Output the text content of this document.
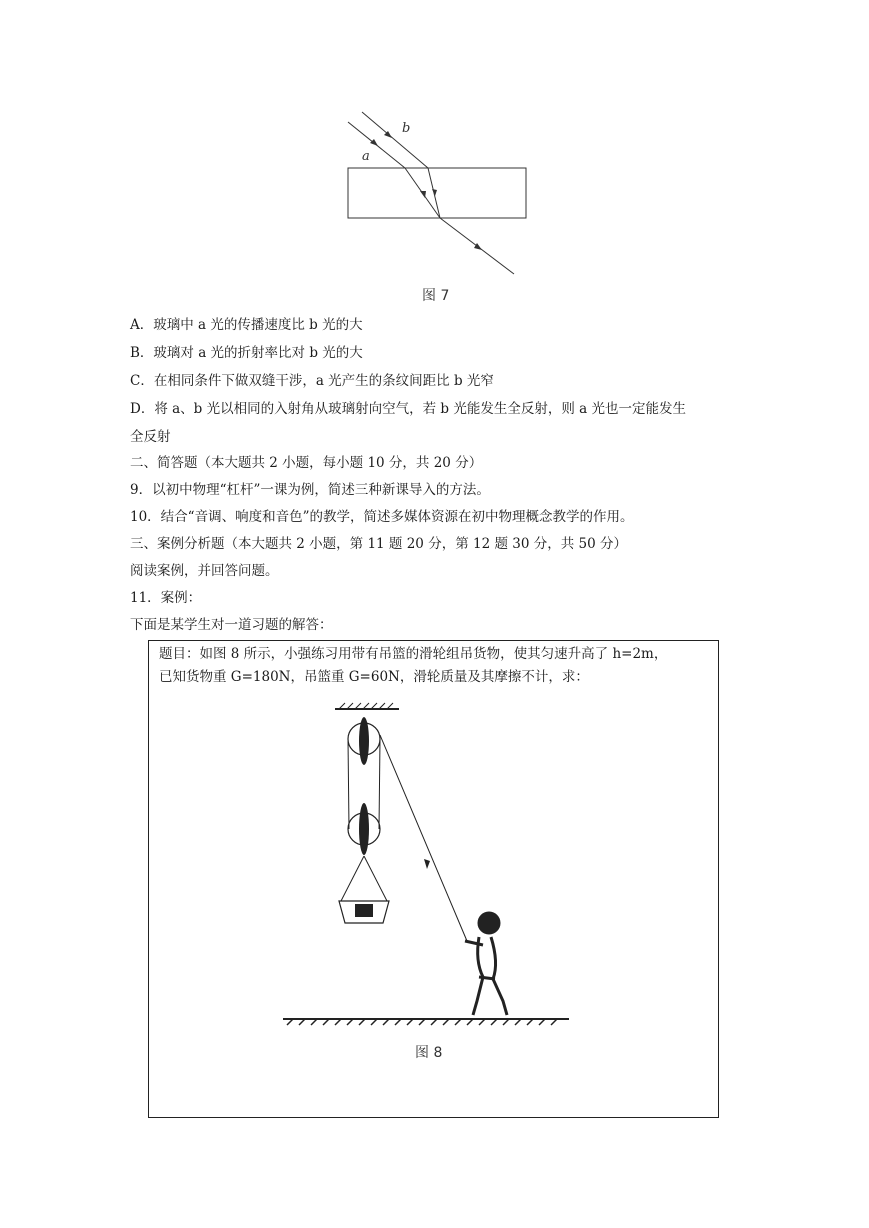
a
b
图 7
A．玻璃中 a 光的传播速度比 b 光的大
B．玻璃对 a 光的折射率比对 b 光的大
C．在相同条件下做双缝干涉，a 光产生的条纹间距比 b 光窄
D．将 a、b 光以相同的入射角从玻璃射向空气，若 b 光能发生全反射，则 a 光也一定能发生
全反射
二、简答题（本大题共 2 小题，每小题 10 分，共 20 分）
9．以初中物理“杠杆”一课为例，简述三种新课导入的方法。
10．结合“音调、响度和音色”的教学，简述多媒体资源在初中物理概念教学的作用。
三、案例分析题（本大题共 2 小题，第 11 题 20 分，第 12 题 30 分，共 50 分）
阅读案例，并回答问题。
11．案例：
下面是某学生对一道习题的解答：
题目：如图 8 所示，小强练习用带有吊篮的滑轮组吊货物，使其匀速升高了 h=2m，
已知货物重 G=180N，吊篮重 G=60N，滑轮质量及其摩擦不计，求：
图 8
